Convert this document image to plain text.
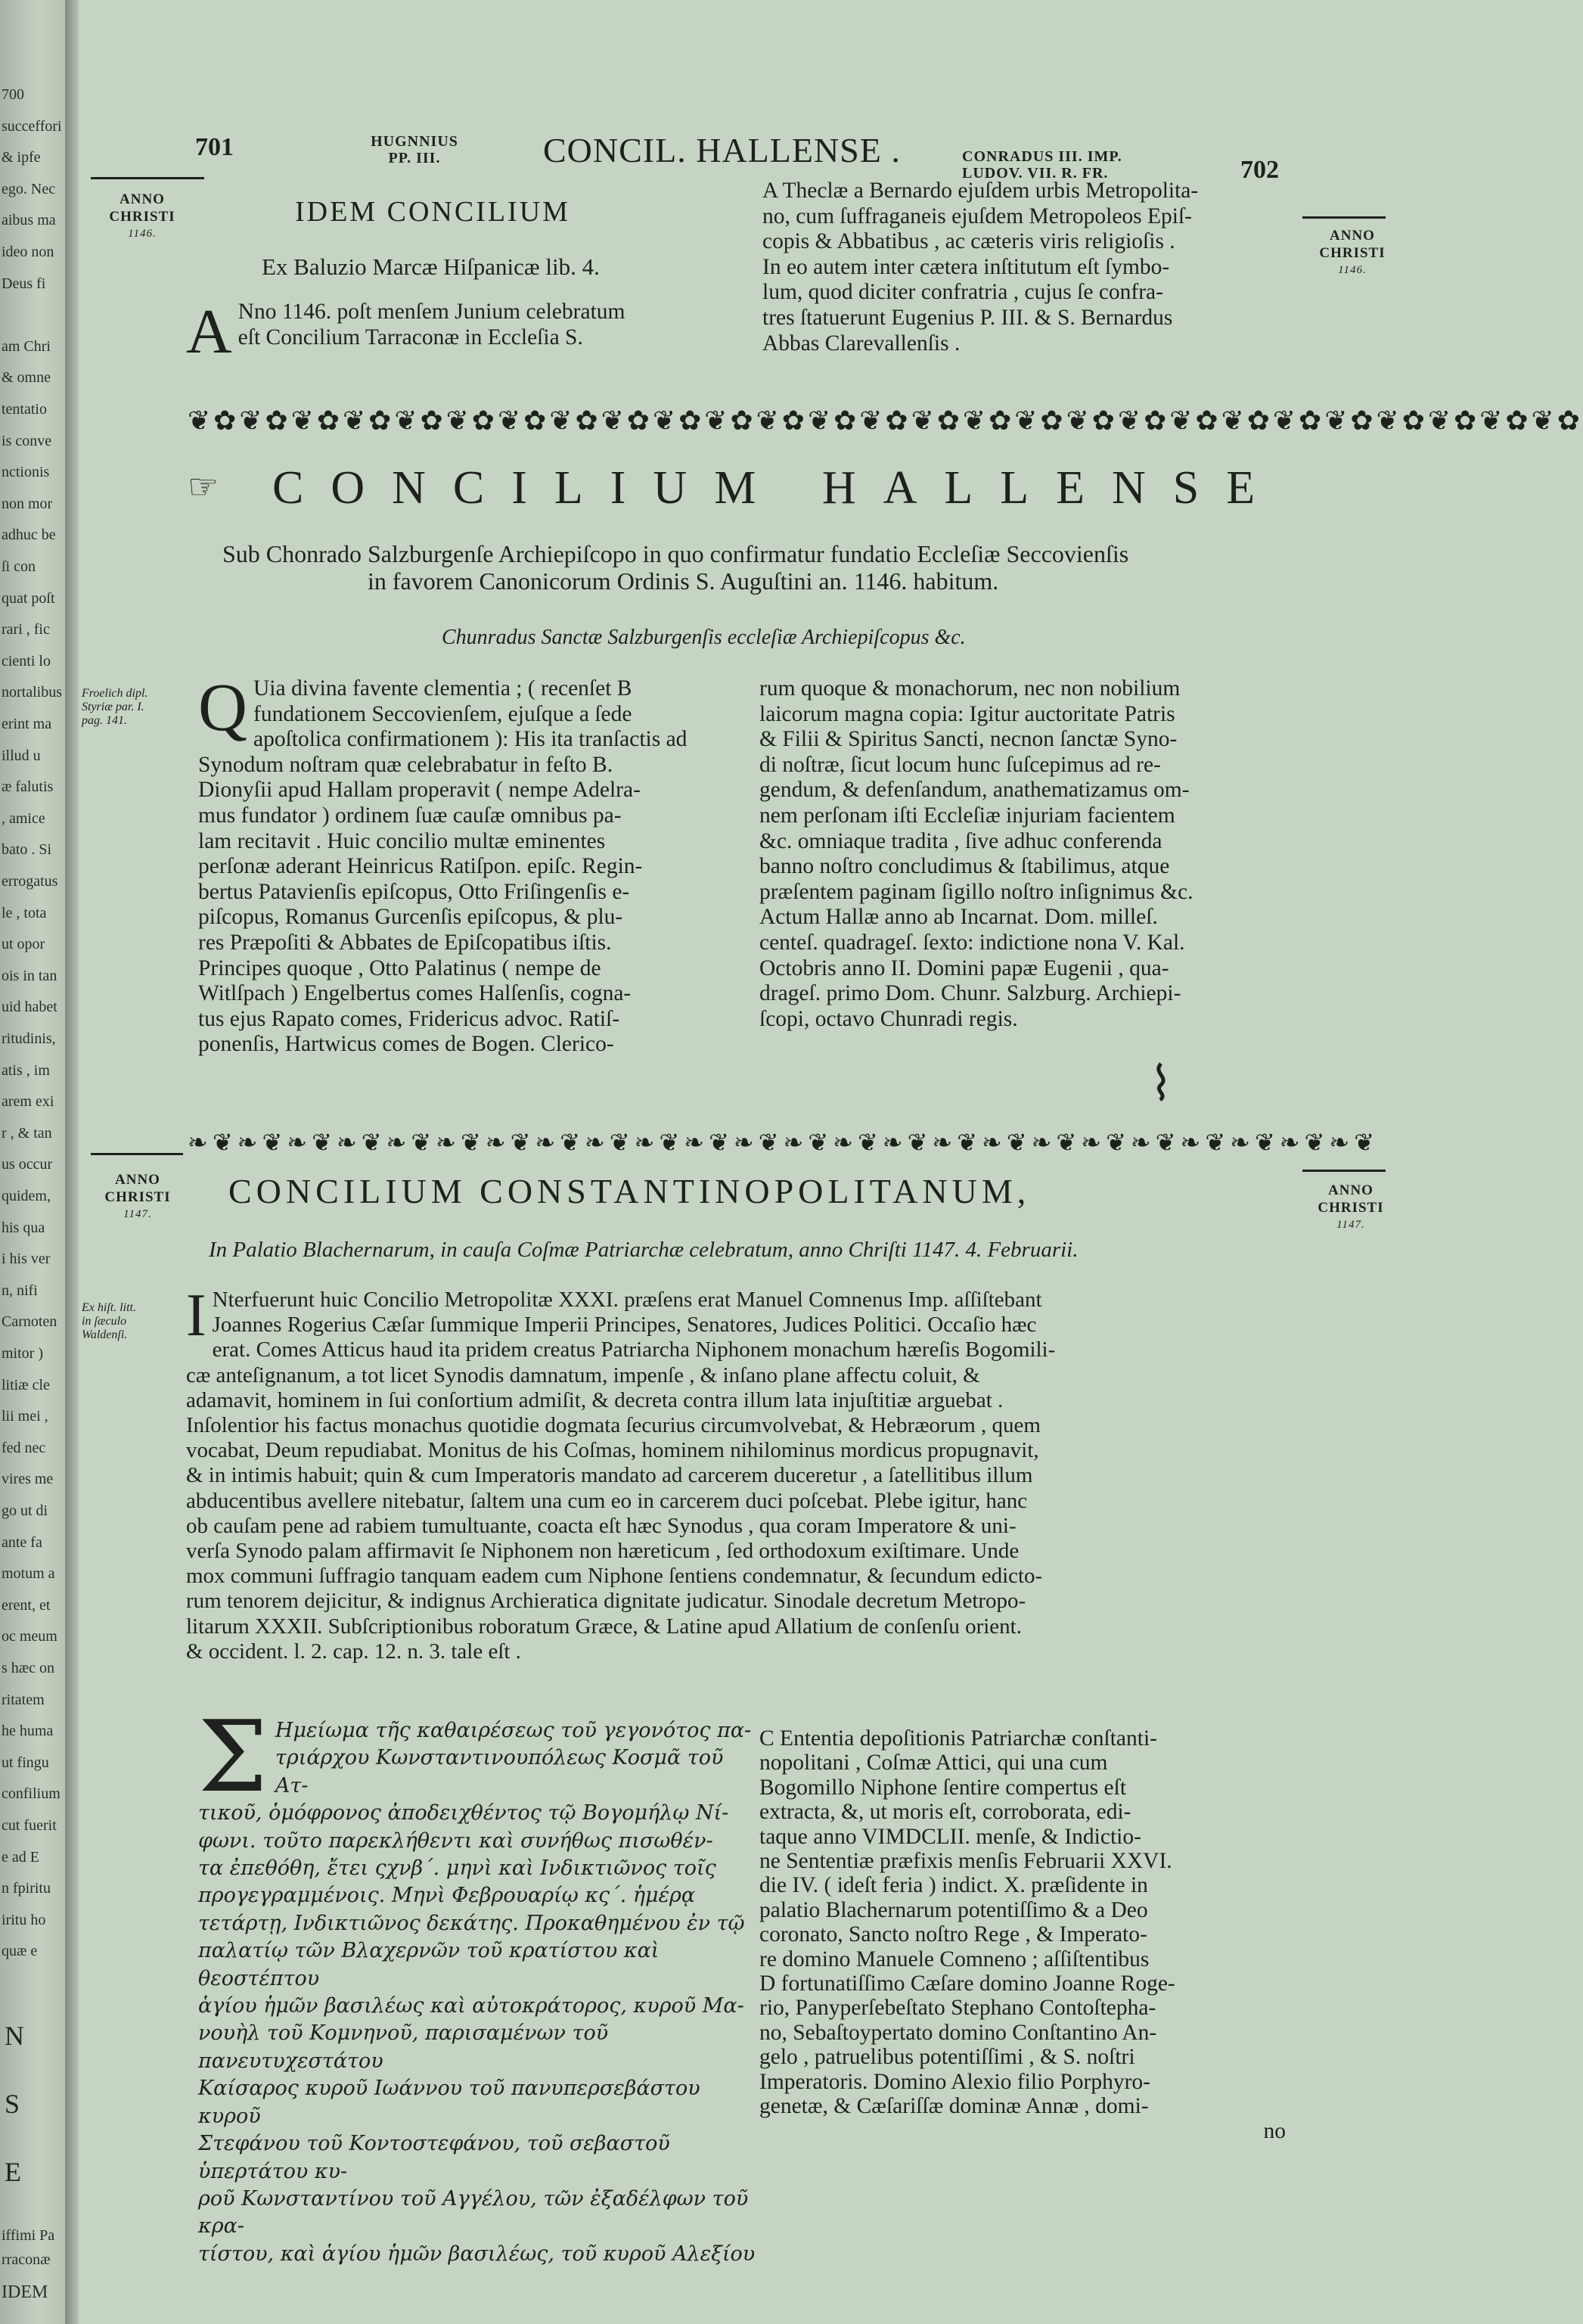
700
succeffori
& ipfe
ego. Nec
aibus ma
ideo non
Deus fi
am Chri
& omne
tentatio
is conve
nctionis
non mor
adhuc be
ſi con
quat poſt
rari , fic
cienti lo
nortalibus
erint ma
illud u
æ falutis
, amice
bato . Si
errogatus
le , tota
ut opor
ois in tan
uid habet
ritudinis,
atis , im
arem exi
r , & tan
us occur
quidem,
his qua
i his ver
n, nifi
Carnoten
mitor )
litiæ cle
lii mei ,
fed nec
vires me
go ut di
ante fa
motum a
erent, et
oc meum
s hæc on
ritatem
he huma
ut fingu
confilium
cut fuerit
e ad E
n fpiritu
iritu ho
quæ e
N
S
E
iffimi Pa
rraconæ
IDEM
701	HUGNNIUS
PP. III.	CONCIL. HALLENSE .	CONRADUS III. IMP.
LUDOV. VII. R. FR.	702
ANNO
CHRISTI
1146.	ANNO
CHRISTI
1146.
IDEM CONCILIUM
Ex Baluzio Marcæ Hiſpanicæ lib. 4.
A Nno 1146. poſt menſem Junium celebratum
eſt Concilium Tarraconæ in Eccleſia S.
A Theclæ a Bernardo ejuſdem urbis Metropolita-
no, cum ſuffraganeis ejuſdem Metropoleos Epiſ-
copis & Abbatibus , ac cæteris viris religioſis .
In eo autem inter cætera inſtitutum eſt ſymbo-
lum, quod diciter confratria , cujus ſe confra-
tres ſtatuerunt Eugenius P. III. & S. Bernardus
Abbas Clarevallenſis .
❦✿❦✿❦✿❦✿❦✿❦✿❦✿❦✿❦✿❦✿❦✿❦✿❦✿❦✿❦✿❦✿❦✿❦✿❦✿❦✿❦✿❦✿❦✿❦✿❦✿❦✿❦✿
☞ CONCILIUM HALLENSE
Sub Chonrado Salzburgenſe Archiepiſcopo in quo confirmatur fundatio Eccleſiæ Seccovienſis
in favorem Canonicorum Ordinis S. Auguſtini an. 1146. habitum.
Chunradus Sanctæ Salzburgenſis eccleſiæ Archiepiſcopus &c.
Froelich dipl.
Styriæ par. I.
pag. 141.	Q Uia divina favente clementia ; ( recenſet B
fundationem Seccovienſem, ejuſque a ſede
apoſtolica confirmationem ): His ita tranſactis ad
Synodum noſtram quæ celebrabatur in feſto B.
Dionyſii apud Hallam properavit ( nempe Adelra-
mus fundator ) ordinem ſuæ cauſæ omnibus pa-
lam recitavit . Huic concilio multæ eminentes
perſonæ aderant Heinricus Ratiſpon. epiſc. Regin-
bertus Patavienſis epiſcopus, Otto Friſingenſis e-
piſcopus, Romanus Gurcenſis epiſcopus, & plu-
res Præpoſiti & Abbates de Epiſcopatibus iſtis.
Principes quoque , Otto Palatinus ( nempe de
Witlſpach ) Engelbertus comes Halſenſis, cogna-
tus ejus Rapato comes, Fridericus advoc. Ratiſ-
ponenſis, Hartwicus comes de Bogen. Clerico-
rum quoque & monachorum, nec non nobilium
laicorum magna copia: Igitur auctoritate Patris
& Filii & Spiritus Sancti, necnon ſanctæ Syno-
di noſtræ, ſicut locum hunc ſuſcepimus ad re-
gendum, & defenſandum, anathematizamus om-
nem perſonam iſti Eccleſiæ injuriam facientem
&c. omniaque tradita , ſive adhuc conferenda
banno noſtro concludimus & ſtabilimus, atque
præſentem paginam ſigillo noſtro inſignimus &c.
Actum Hallæ anno ab Incarnat. Dom. milleſ.
centeſ. quadrageſ. ſexto: indictione nona V. Kal.
Octobris anno II. Domini papæ Eugenii , qua-
drageſ. primo Dom. Chunr. Salzburg. Archiepi-
ſcopi, octavo Chunradi regis.
❧❦❧❦❧❦❧❦❧❦❧❦❧❦❧❦❧❦❧❦❧❦❧❦❧❦❧❦❧❦❧❦❧❦❧❦❧❦❧❦❧❦❧❦❧❦❧❦
ANNO
CHRISTI
1147.
ANNO
CHRISTI
1147.
CONCILIUM CONSTANTINOPOLITANUM,
In Palatio Blachernarum, in cauſa Coſmæ Patriarchæ celebratum, anno Chriſti 1147. 4. Februarii.
Ex hiſt. litt.
in ſæculo
Waldenſi. I Nterfuerunt huic Concilio Metropolitæ XXXI. præſens erat Manuel Comnenus Imp. aſſiſtebant
Joannes Rogerius Cæſar ſummique Imperii Principes, Senatores, Judices Politici. Occaſio hæc
erat. Comes Atticus haud ita pridem creatus Patriarcha Niphonem monachum hæreſis Bogomili-
cæ anteſignanum, a tot licet Synodis damnatum, impenſe , & inſano plane affectu coluit, &
adamavit, hominem in ſui conſortium admiſit, & decreta contra illum lata injuſtitiæ arguebat .
Inſolentior his factus monachus quotidie dogmata ſecurius circumvolvebat, & Hebræorum , quem
vocabat, Deum repudiabat. Monitus de his Coſmas, hominem nihilominus mordicus propugnavit,
& in intimis habuit; quin & cum Imperatoris mandato ad carcerem duceretur , a ſatellitibus illum
abducentibus avellere nitebatur, ſaltem una cum eo in carcerem duci poſcebat. Plebe igitur, hanc
ob cauſam pene ad rabiem tumultuante, coacta eſt hæc Synodus , qua coram Imperatore & uni-
verſa Synodo palam affirmavit ſe Niphonem non hæreticum , ſed orthodoxum exiſtimare. Unde
mox communi ſuffragio tanquam eadem cum Niphone ſentiens condemnatur, & ſecundum edicto-
rum tenorem dejicitur, & indignus Archieratica dignitate judicatur. Sinodale decretum Metropo-
litarum XXXII. Subſcriptionibus roboratum Græce, & Latine apud Allatium de conſenſu orient.
& occident. l. 2. cap. 12. n. 3. tale eſt .
Σ Ημείωμα τῆς καθαιρέσεως τοῦ γεγονότος πα-
τριάρχου Κωνσταντινουπόλεως Κοσμᾶ τοῦ Ατ-
τικοῦ, ὁμόφρονος ἀποδειχθέντος τῷ Βογομήλῳ Νί-
φωνι. τοῦτο παρεκλήθεντι καὶ συνήθως πισωθέν-
τα ἐπεθόθη, ἔτει ςχνβ΄. μηνὶ καὶ Ινδικτιῶνος τοῖς
προγεγραμμένοις. Μηνὶ Φεβρουαρίῳ κς΄. ἡμέρᾳ
τετάρτῃ, Ινδικτιῶνος δεκάτης. Προκαθημένου ἐν τῷ
παλατίῳ τῶν Βλαχερνῶν τοῦ κρατίστου καὶ θεοστέπτου
ἁγίου ἡμῶν βασιλέως καὶ αὐτοκράτορος, κυροῦ Μα-
νουὴλ τοῦ Κομνηνοῦ, παρισαμένων τοῦ πανευτυχεστάτου
Καίσαρος κυροῦ Ιωάννου τοῦ πανυπερσεβάστου κυροῦ
Στεφάνου τοῦ Κοντοστεφάνου, τοῦ σεβαστοῦ ὑπερτάτου κυ-
ροῦ Κωνσταντίνου τοῦ Αγγέλου, τῶν ἐξαδέλφων τοῦ κρα-
τίστου, καὶ ἁγίου ἡμῶν βασιλέως, τοῦ κυροῦ Αλεξίου
C Ententia depoſitionis Patriarchæ conſtanti-
nopolitani , Coſmæ Attici, qui una cum
Bogomillo Niphone ſentire compertus eſt
extracta, &, ut moris eſt, corroborata, edi-
taque anno VIMDCLII. menſe, & Indictio-
ne Sententiæ præfixis menſis Februarii XXVI.
die IV. ( ideſt feria ) indict. X. præſidente in
palatio Blachernarum potentiſſimo & a Deo
coronato, Sancto noſtro Rege , & Imperato-
re domino Manuele Comneno ; aſſiſtentibus
D fortunatiſſimo Cæſare domino Joanne Roge-
rio, Panyperſebeſtato Stephano Contoſtepha-
no, Sebaſtoypertato domino Conſtantino An-
gelo , patruelibus potentiſſimi , & S. noſtri
Imperatoris. Domino Alexio filio Porphyro-
genetæ, & Cæſariſſæ dominæ Annæ , domi-
no
